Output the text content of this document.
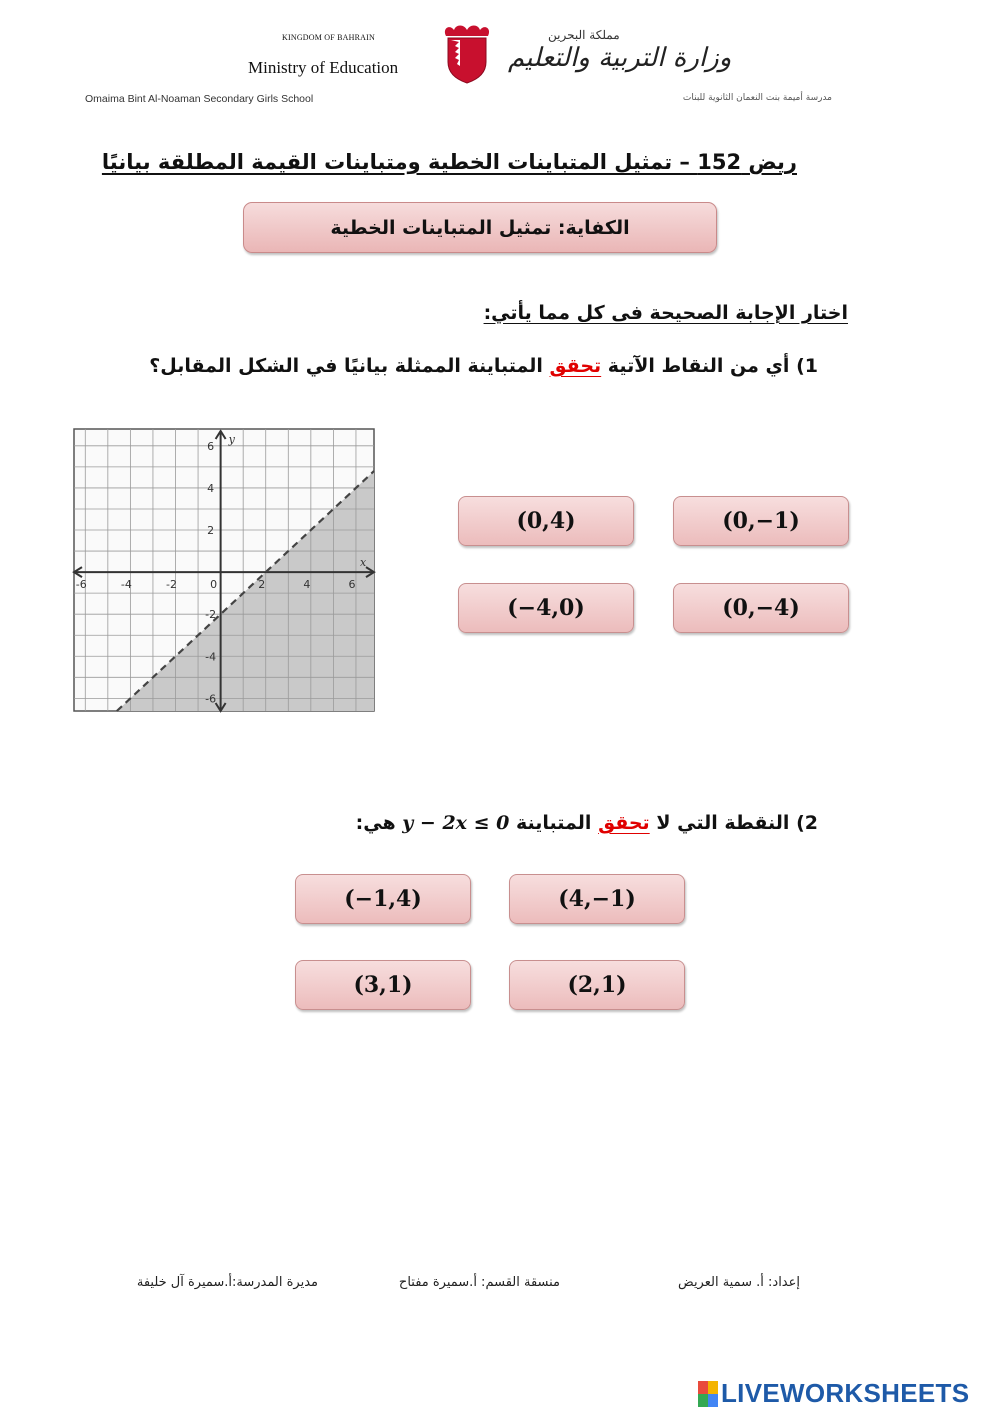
KINGDOM OF BAHRAIN
Ministry of Education
Omaima Bint Al-Noaman Secondary Girls School
مملكة البحرين
وزارة التربية والتعليم
مدرسة أميمة بنت النعمان الثانوية للبنات
ريض 152 – تمثيل المتباينات الخطية ومتباينات القيمة المطلقة بيانيًا
الكفاية: تمثيل المتباينات الخطية
اختار الإجابة الصحيحة فى كل مما يأتي:
1) أي من النقاط الآتية تحقق المتباينة الممثلة بيانيًا في الشكل المقابل؟
-6	-4	-2	0	2	4	6
6
4
2
-2
-4
-6
x
y
(0,4)	(0,−1)
(−4,0)	(0,−4)
2) النقطة التي لا تحقق المتباينة y − 2x ≤ 0 هي:
(−1,4)	(4,−1)
(3,1)	(2,1)
إعداد: أ. سمية العريض
منسقة القسم: أ.سميرة مفتاح
مديرة المدرسة:أ.سميرة آل خليفة
LIVEWORKSHEETS
